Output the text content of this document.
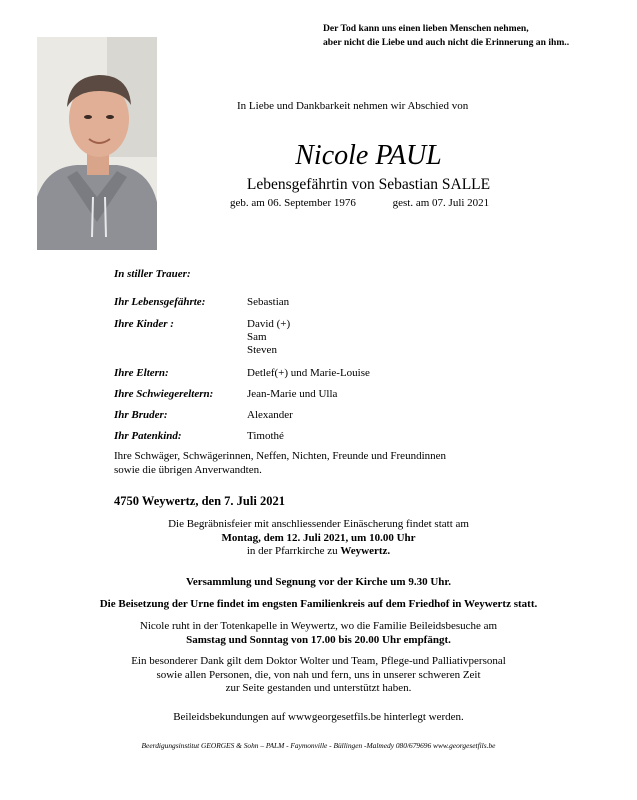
Der Tod kann uns einen lieben Menschen nehmen,
aber nicht die Liebe und auch nicht die Erinnerung an ihm..
In Liebe und Dankbarkeit nehmen wir Abschied von
Nicole PAUL
Lebensgefährtin von Sebastian SALLE
geb. am 06. September 1976	gest. am 07. Juli 2021
In stiller Trauer:
Ihr Lebensgefährte:	Sebastian
Ihre Kinder :	David (+)
Sam
Steven
Ihre Eltern:	Detlef(+) und Marie-Louise
Ihre Schwiegereltern:	Jean-Marie und Ulla
Ihr Bruder:	Alexander
Ihr Patenkind:	Timothé
Ihre Schwäger, Schwägerinnen, Neffen, Nichten, Freunde und Freundinnen
sowie die übrigen Anverwandten.
4750 Weywertz, den 7. Juli 2021
Die Begräbnisfeier mit anschliessender Einäscherung findet statt am
Montag, dem 12. Juli 2021, um 10.00 Uhr
in der Pfarrkirche zu Weywertz.
Versammlung und Segnung vor der Kirche um 9.30 Uhr.
Die Beisetzung der Urne findet im engsten Familienkreis auf dem Friedhof in Weywertz statt.
Nicole ruht in der Totenkapelle in Weywertz, wo die Familie Beileidsbesuche am
Samstag und Sonntag von 17.00 bis 20.00 Uhr empfängt.
Ein besonderer Dank gilt dem Doktor Wolter und Team, Pflege-und Palliativpersonal
sowie allen Personen, die, von nah und fern, uns in unserer schweren Zeit
zur Seite gestanden und unterstützt haben.
Beileidsbekundungen auf wwwgeorgesetfils.be hinterlegt werden.
Beerdigungsinstitut GEORGES & Sohn – PALM - Faymonville - Büllingen -Malmedy 080/679696 www.georgesetfils.be
